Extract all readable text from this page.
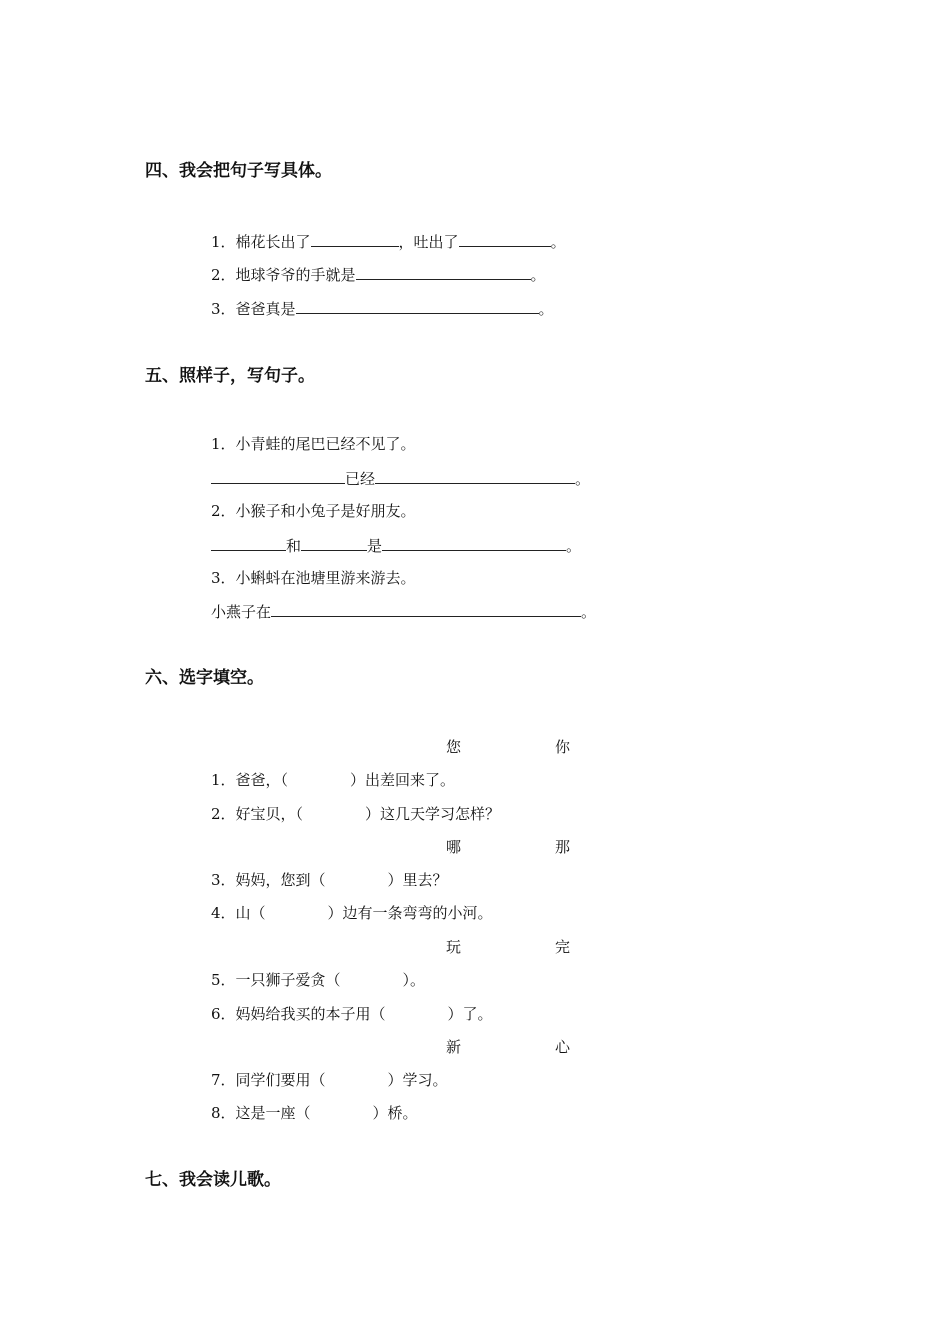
四、我会把句子写具体。
1．棉花长出了	，吐出了	。
2．地球爷爷的手就是	。
3．爸爸真是	。
五、照样子，写句子。
1．小青蛙的尾巴已经不见了。
已经	。
2．小猴子和小兔子是好朋友。
和	是	。
3．小蝌蚪在池塘里游来游去。
小燕子在	。
六、选字填空。
您	你
1．爸爸，（	）出差回来了。
2．好宝贝，（	）这几天学习怎样？
哪	那
3．妈妈，您到（	）里去？
4．山（	）边有一条弯弯的小河。
玩	完
5．一只狮子爱贪（	）。
6．妈妈给我买的本子用（	）了。
新	心
7．同学们要用（	）学习。
8．这是一座（	）桥。
七、我会读儿歌。
